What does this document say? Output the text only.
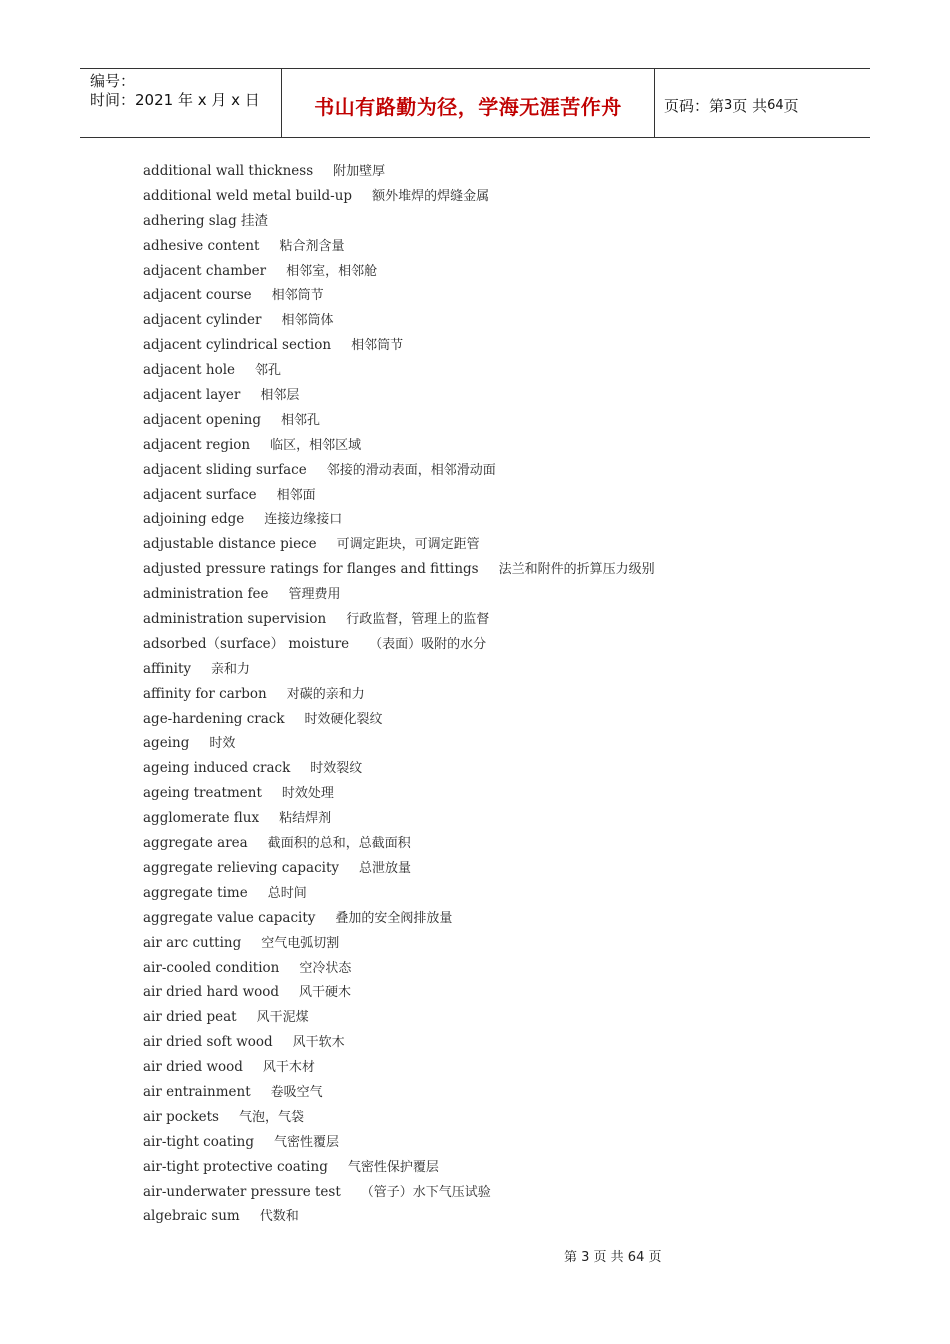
编号：
时间：2021 年 x 月 x 日	书山有路勤为径，学海无涯苦作舟	页码：第 3 页 共 64 页
additional wall thickness 附加壁厚
additional weld metal build-up 额外堆焊的焊缝金属
adhering slag 挂渣
adhesive content 粘合剂含量
adjacent chamber 相邻室，相邻舱
adjacent course 相邻筒节
adjacent cylinder 相邻筒体
adjacent cylindrical section 相邻筒节
adjacent hole 邻孔
adjacent layer 相邻层
adjacent opening 相邻孔
adjacent region 临区，相邻区域
adjacent sliding surface 邻接的滑动表面，相邻滑动面
adjacent surface 相邻面
adjoining edge 连接边缘接口
adjustable distance piece 可调定距块，可调定距管
adjusted pressure ratings for flanges and fittings 法兰和附件的折算压力级别
administration fee 管理费用
administration supervision 行政监督，管理上的监督
adsorbed（surface） moisture （表面）吸附的水分
affinity 亲和力
affinity for carbon 对碳的亲和力
age-hardening crack 时效硬化裂纹
ageing 时效
ageing induced crack 时效裂纹
ageing treatment 时效处理
agglomerate flux 粘结焊剂
aggregate area 截面积的总和，总截面积
aggregate relieving capacity 总泄放量
aggregate time 总时间
aggregate value capacity 叠加的安全阀排放量
air arc cutting 空气电弧切割
air-cooled condition 空冷状态
air dried hard wood 风干硬木
air dried peat 风干泥煤
air dried soft wood 风干软木
air dried wood 风干木材
air entrainment 卷吸空气
air pockets 气泡，气袋
air-tight coating 气密性覆层
air-tight protective coating 气密性保护覆层
air-underwater pressure test （管子）水下气压试验
algebraic sum 代数和
第 3 页 共 64 页
